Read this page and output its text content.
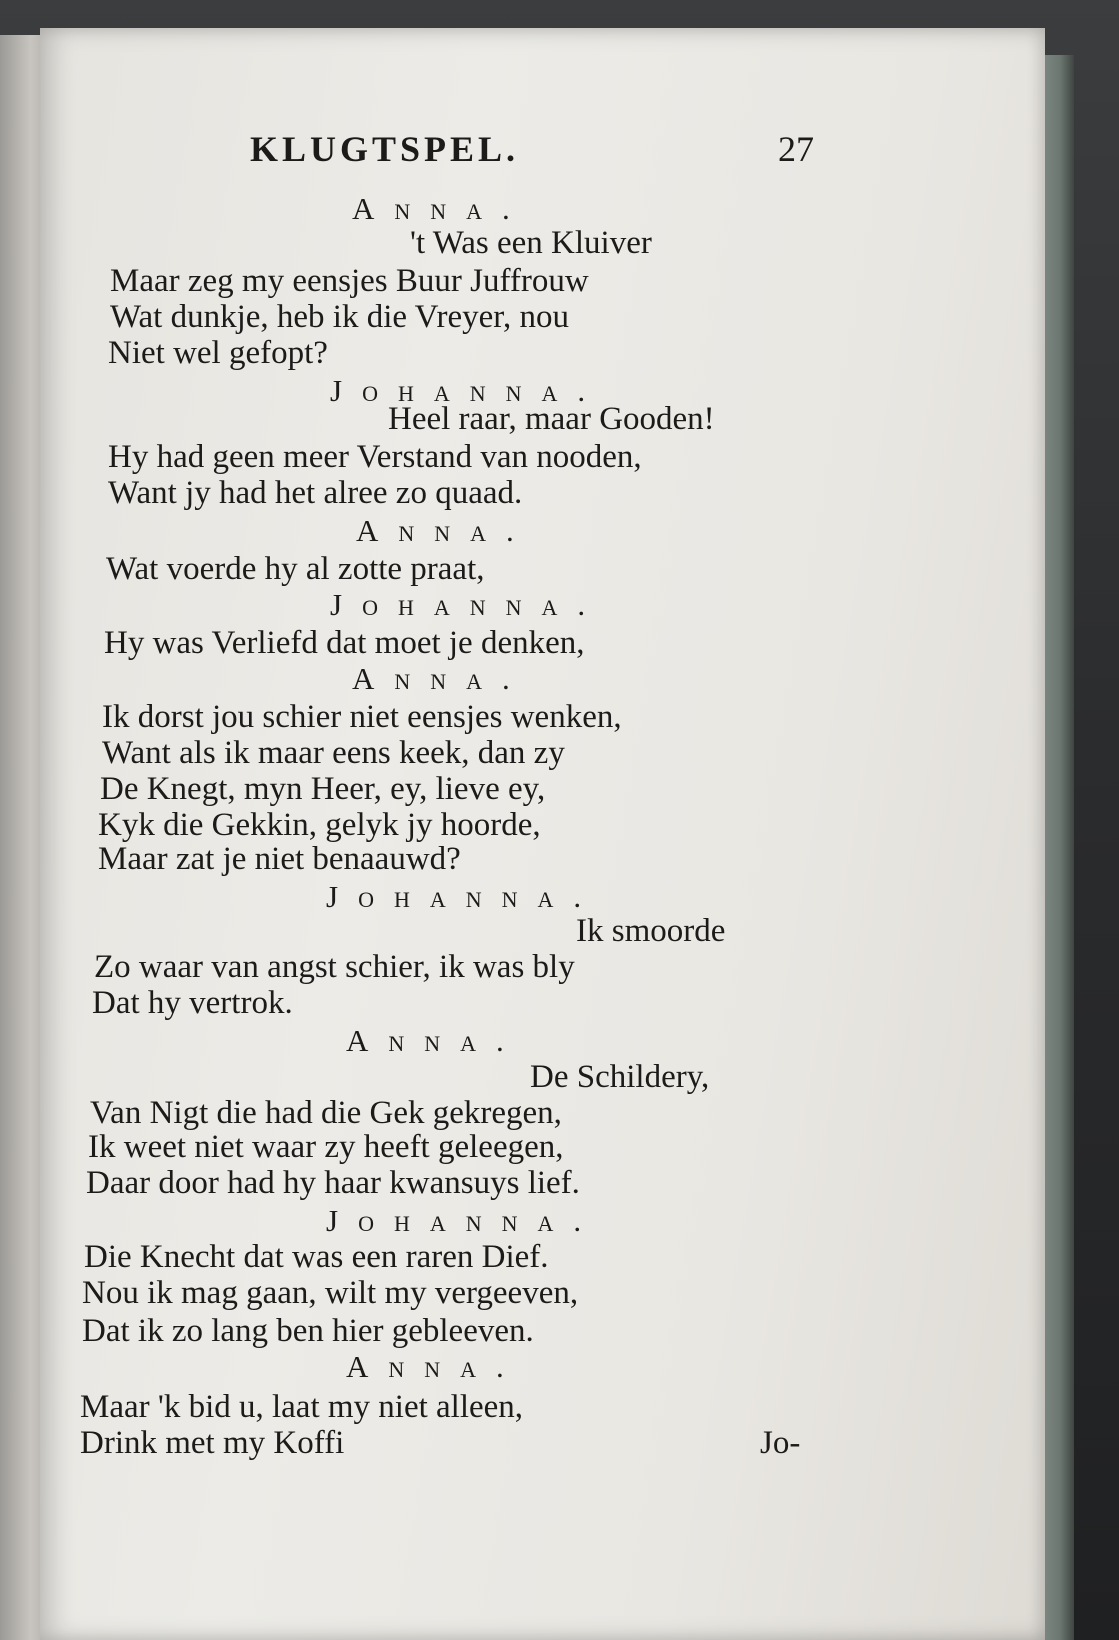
KLUGTSPEL.	27

Anna.

't Was een Kluiver

Maar zeg my eensjes Buur Juffrouw

Wat dunkje, heb ik die Vreyer, nou

Niet wel gefopt?

Johanna.

Heel raar, maar Gooden!

Hy had geen meer Verstand van nooden,

Want jy had het alree zo quaad.

Anna.

Wat voerde hy al zotte praat,

Johanna.

Hy was Verliefd dat moet je denken,

Anna.

Ik dorst jou schier niet eensjes wenken,

Want als ik maar eens keek, dan zy

De Knegt, myn Heer, ey, lieve ey,

Kyk die Gekkin, gelyk jy hoorde,

Maar zat je niet benaauwd?

Johanna.

Ik smoorde

Zo waar van angst schier, ik was bly

Dat hy vertrok.

Anna.

De Schildery,

Van Nigt die had die Gek gekregen,

Ik weet niet waar zy heeft geleegen,

Daar door had hy haar kwansuys lief.

Johanna.

Die Knecht dat was een raren Dief.

Nou ik mag gaan, wilt my vergeeven,

Dat ik zo lang ben hier gebleeven.

Anna.

Maar 'k bid u, laat my niet alleen,

Drink met my Koffi	Jo-
